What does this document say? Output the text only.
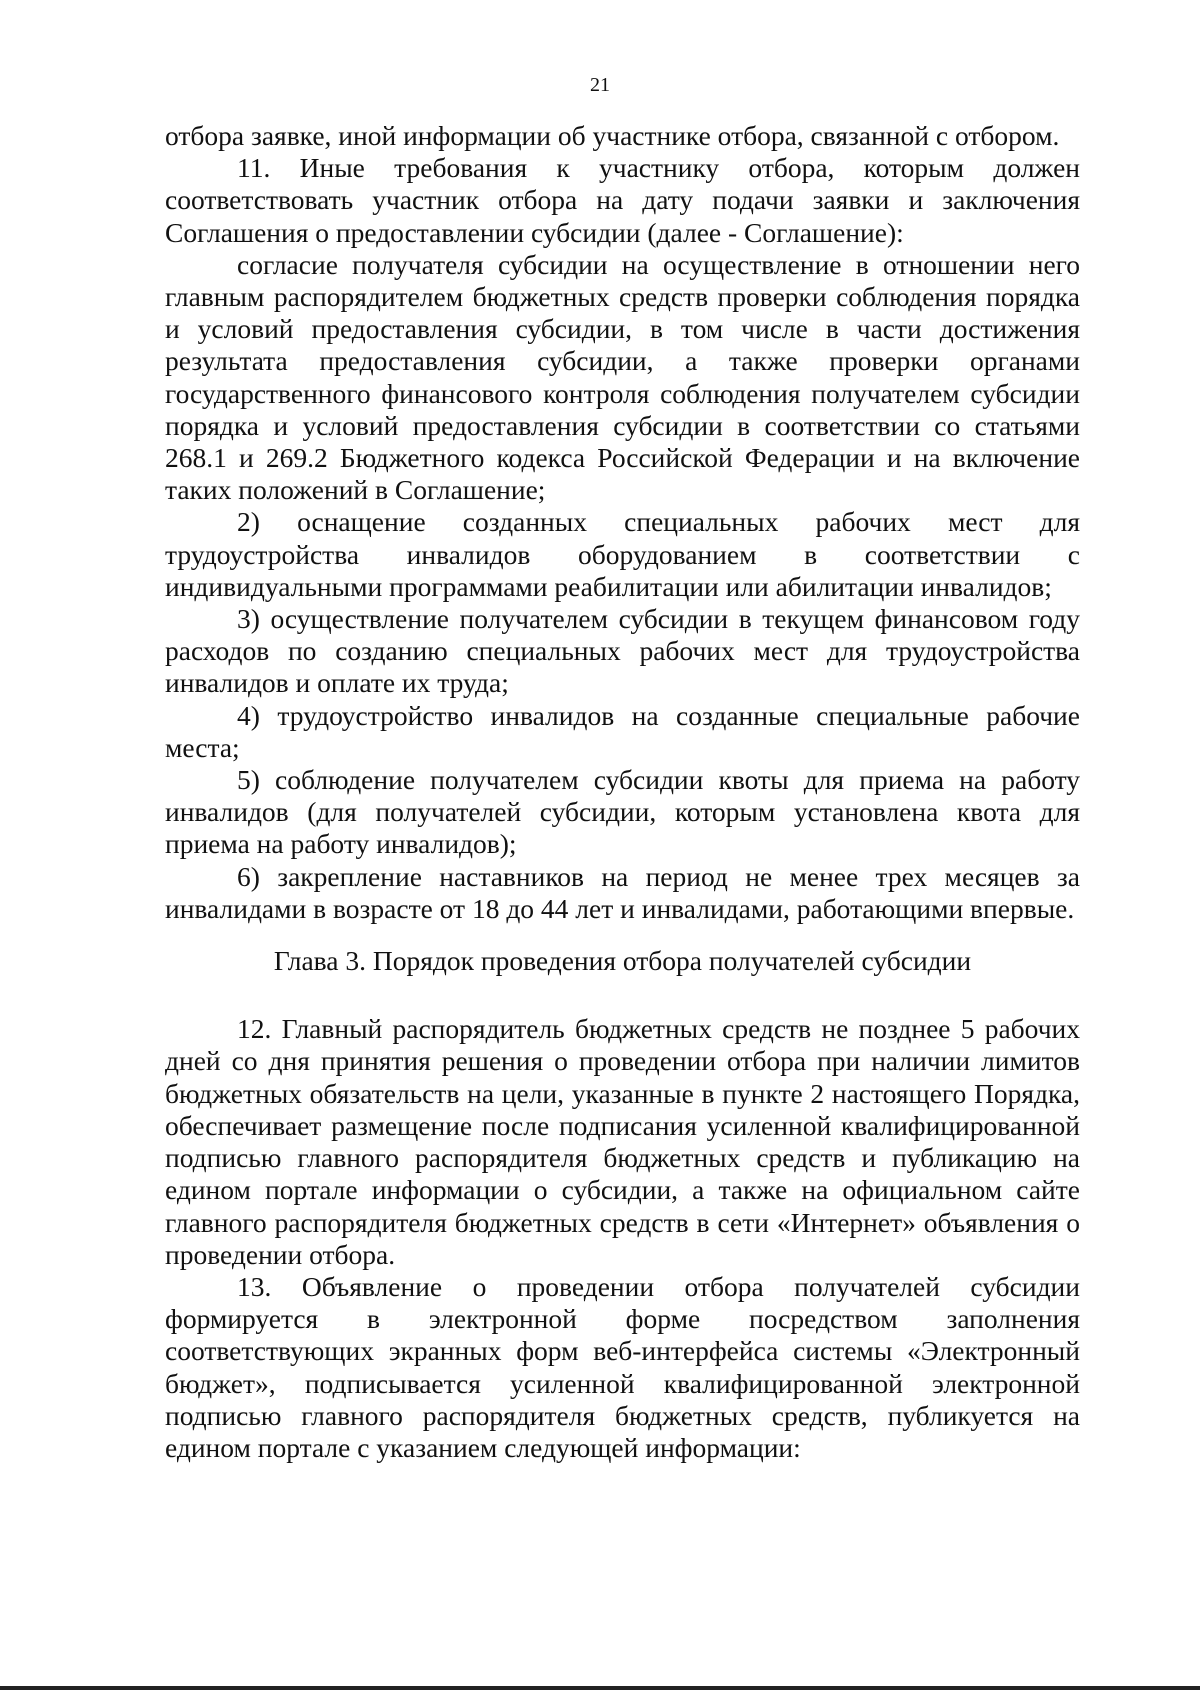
21

отбора заявке, иной информации об участнике отбора, связанной с отбором.

11. Иные требования к участнику отбора, которым должен соответствовать участник отбора на дату подачи заявки и заключения Соглашения о предоставлении субсидии (далее - Соглашение):

согласие получателя субсидии на осуществление в отношении него главным распорядителем бюджетных средств проверки соблюдения порядка и условий предоставления субсидии, в том числе в части достижения результата предоставления субсидии, а также проверки органами государственного финансового контроля соблюдения получателем субсидии порядка и условий предоставления субсидии в соответствии со статьями 268.1 и 269.2 Бюджетного кодекса Российской Федерации и на включение таких положений в Соглашение;

2) оснащение созданных специальных рабочих мест для трудоустройства инвалидов оборудованием в соответствии с индивидуальными программами реабилитации или абилитации инвалидов;

3) осуществление получателем субсидии в текущем финансовом году расходов по созданию специальных рабочих мест для трудоустройства инвалидов и оплате их труда;

4) трудоустройство инвалидов на созданные специальные рабочие места;

5) соблюдение получателем субсидии квоты для приема на работу инвалидов (для получателей субсидии, которым установлена квота для приема на работу инвалидов);

6) закрепление наставников на период не менее трех месяцев за инвалидами в возрасте от 18 до 44 лет и инвалидами, работающими впервые.

Глава 3. Порядок проведения отбора получателей субсидии

12. Главный распорядитель бюджетных средств не позднее 5 рабочих дней со дня принятия решения о проведении отбора при наличии лимитов бюджетных обязательств на цели, указанные в пункте 2 настоящего Порядка, обеспечивает размещение после подписания усиленной квалифицированной подписью главного распорядителя бюджетных средств и публикацию на едином портале информации о субсидии, а также на официальном сайте главного распорядителя бюджетных средств в сети «Интернет» объявления о проведении отбора.

13. Объявление о проведении отбора получателей субсидии формируется в электронной форме посредством заполнения соответствующих экранных форм веб-интерфейса системы «Электронный бюджет», подписывается усиленной квалифицированной электронной подписью главного распорядителя бюджетных средств, публикуется на едином портале с указанием следующей информации:
